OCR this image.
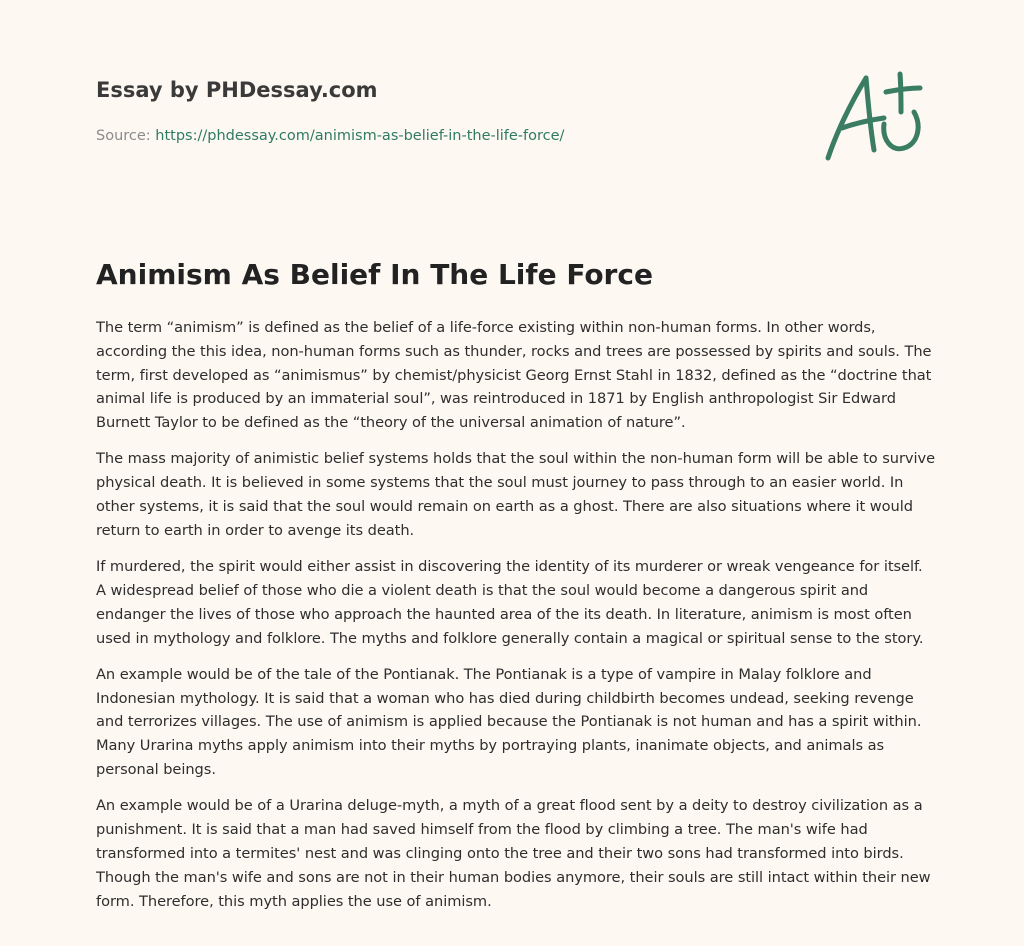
Essay by PHDessay.com
Source: https://phdessay.com/animism-as-belief-in-the-life-force/
Animism As Belief In The Life Force

The term “animism” is defined as the belief of a life-force existing within non-human forms. In other words, according the this idea, non-human forms such as thunder, rocks and trees are possessed by spirits and souls. The term, first developed as “animismus” by chemist/physicist Georg Ernst Stahl in 1832, defined as the “doctrine that animal life is produced by an immaterial soul”, was reintroduced in 1871 by English anthropologist Sir Edward Burnett Taylor to be defined as the “theory of the universal animation of nature”.

The mass majority of animistic belief systems holds that the soul within the non-human form will be able to survive physical death. It is believed in some systems that the soul must journey to pass through to an easier world. In other systems, it is said that the soul would remain on earth as a ghost. There are also situations where it would return to earth in order to avenge its death.

If murdered, the spirit would either assist in discovering the identity of its murderer or wreak vengeance for itself. A widespread belief of those who die a violent death is that the soul would become a dangerous spirit and endanger the lives of those who approach the haunted area of the its death. In literature, animism is most often used in mythology and folklore. The myths and folklore generally contain a magical or spiritual sense to the story.

An example would be of the tale of the Pontianak. The Pontianak is a type of vampire in Malay folklore and Indonesian mythology. It is said that a woman who has died during childbirth becomes undead, seeking revenge and terrorizes villages. The use of animism is applied because the Pontianak is not human and has a spirit within. Many Urarina myths apply animism into their myths by portraying plants, inanimate objects, and animals as personal beings.

An example would be of a Urarina deluge-myth, a myth of a great flood sent by a deity to destroy civilization as a punishment. It is said that a man had saved himself from the flood by climbing a tree. The man's wife had transformed into a termites' nest and was clinging onto the tree and their two sons had transformed into birds. Though the man's wife and sons are not in their human bodies anymore, their souls are still intact within their new form. Therefore, this myth applies the use of animism.
